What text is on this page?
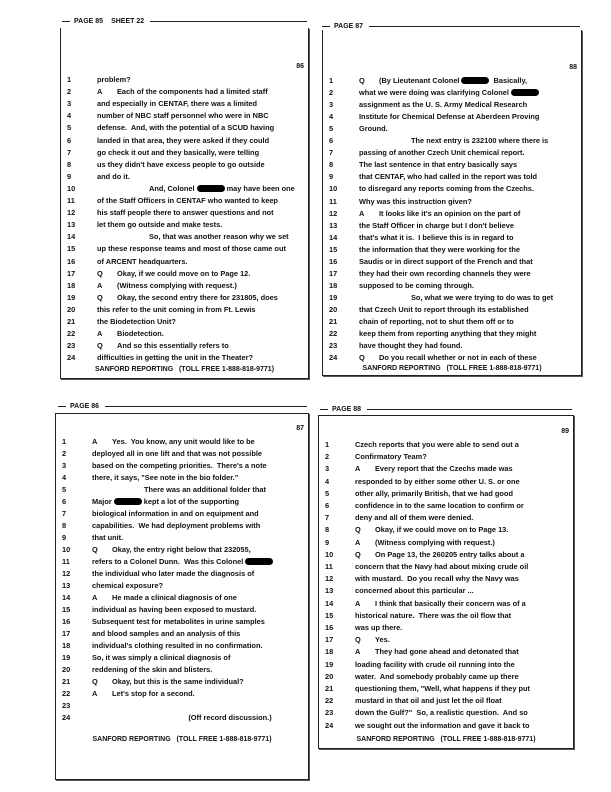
PAGE 85 SHEET 22
86
1	problem?
2	A Each of the components had a limited staff
3	and especially in CENTAF, there was a limited
4	number of NBC staff personnel who were in NBC
5	defense.  And, with the potential of a SCUD having
6	landed in that area, they were asked if they could
7	go check it out and they basically, were telling
8	us they didn't have excess people to go outside
9	and do it.
10	And, Colonel	may have been one
11	of the Staff Officers in CENTAF who wanted to keep
12	his staff people there to answer questions and not
13	let them go outside and make tests.
14	So, that was another reason why we set
15	up these response teams and most of those came out
16	of ARCENT headquarters.
17	Q Okay, if we could move on to Page 12.
18	A (Witness complying with request.)
19	Q Okay, the second entry there for 231805, does
20	this refer to the unit coming in from Ft. Lewis
21	the Biodetection Unit?
22	A Biodetection.
23	Q And so this essentially refers to
24	difficulties in getting the unit in the Theater?
SANFORD REPORTING   (TOLL FREE 1-888-818-9771)
PAGE 87
88
1	Q (By Lieutenant Colonel	Basically,
2	what we were doing was clarifying Colonel
3	assignment as the U. S. Army Medical Research
4	Institute for Chemical Defense at Aberdeen Proving
5	Ground.
6	The next entry is 232100 where there is
7	passing of another Czech Unit chemical report.
8	The last sentence in that entry basically says
9	that CENTAF, who had called in the report was told
10	to disregard any reports coming from the Czechs.
11	Why was this instruction given?
12	A It looks like it's an opinion on the part of
13	the Staff Officer in charge but I don't believe
14	that's what it is.  I believe this is in regard to
15	the information that they were working for the
16	Saudis or in direct support of the French and that
17	they had their own recording channels they were
18	supposed to be coming through.
19	So, what we were trying to do was to get
20	that Czech Unit to report through its established
21	chain of reporting, not to shut them off or to
22	keep them from reporting anything that they might
23	have thought they had found.
24	Q Do you recall whether or not in each of these
SANFORD REPORTING   (TOLL FREE 1-888-818-9771)
PAGE 86
87
1	A Yes.  You know, any unit would like to be
2	deployed all in one lift and that was not possible
3	based on the competing priorities.  There's a note
4	there, it says, "See note in the bio folder."
5	There was an additional folder that
6	Major	kept a lot of the supporting
7	biological information in and on equipment and
8	capabilities.  We had deployment problems with
9	that unit.
10	Q Okay, the entry right below that 232055,
11	refers to a Colonel Dunn.  Was this Colonel
12	the individual who later made the diagnosis of
13	chemical exposure?
14	A He made a clinical diagnosis of one
15	individual as having been exposed to mustard.
16	Subsequent test for metabolites in urine samples
17	and blood samples and an analysis of this
18	individual's clothing resulted in no confirmation.
19	So, it was simply a clinical diagnosis of
20	reddening of the skin and blisters.
21	Q Okay, but this is the same individual?
22	A Let's stop for a second.
23
24	(Off record discussion.)
SANFORD REPORTING   (TOLL FREE 1-888-818-9771)
PAGE 88
89
1	Czech reports that you were able to send out a
2	Confirmatory Team?
3	A Every report that the Czechs made was
4	responded to by either some other U. S. or one
5	other ally, primarily British, that we had good
6	confidence in to the same location to confirm or
7	deny and all of them were denied.
8	Q Okay, if we could move on to Page 13.
9	A (Witness complying with request.)
10	Q On Page 13, the 260205 entry talks about a
11	concern that the Navy had about mixing crude oil
12	with mustard.  Do you recall why the Navy was
13	concerned about this particular ...
14	A I think that basically their concern was of a
15	historical nature.  There was the oil flow that
16	was up there.
17	Q Yes.
18	A They had gone ahead and detonated that
19	loading facility with crude oil running into the
20	water.  And somebody probably came up there
21	questioning them, "Well, what happens if they put
22	mustard in that oil and just let the oil float
23	down the Gulf?"  So, a realistic question.  And so
24	we sought out the information and gave it back to
SANFORD REPORTING   (TOLL FREE 1-888-818-9771)
